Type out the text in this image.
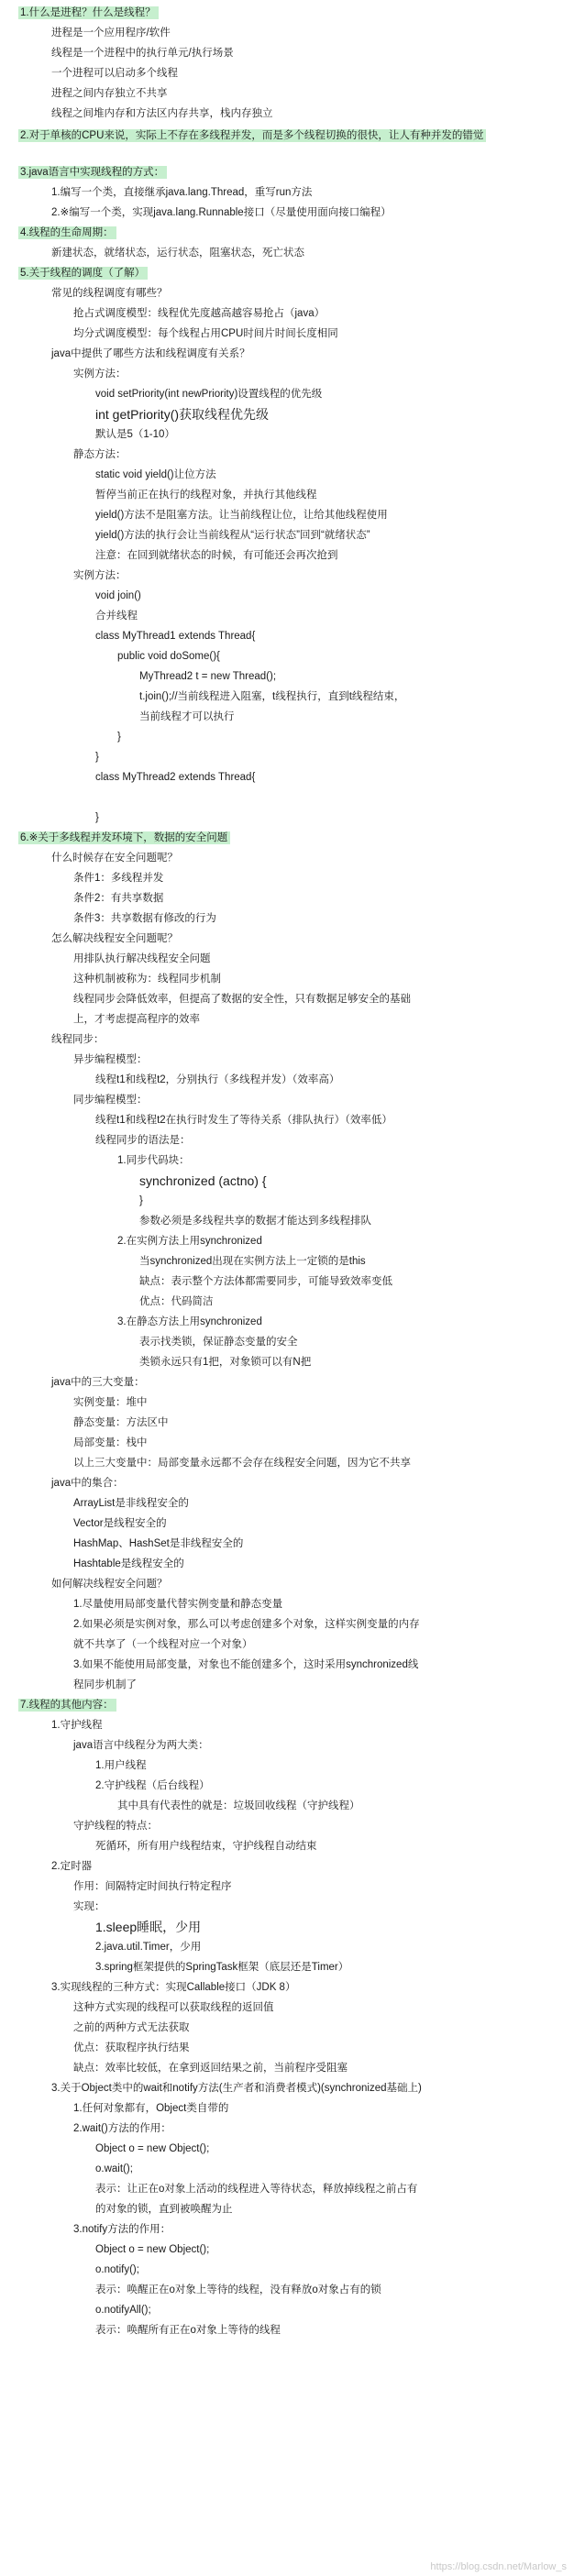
1.什么是进程？什么是线程？
进程是一个应用程序/软件
线程是一个进程中的执行单元/执行场景
一个进程可以启动多个线程
进程之间内存独立不共享
线程之间堆内存和方法区内存共享，栈内存独立
2.对于单核的CPU来说，实际上不存在多线程并发，而是多个线程切换的很快，让人有种并发的错觉
3.java语言中实现线程的方式：
1.编写一个类，直接继承java.lang.Thread，重写run方法
2.※编写一个类，实现java.lang.Runnable接口（尽量使用面向接口编程）
4.线程的生命周期：
新建状态，就绪状态，运行状态，阻塞状态，死亡状态
5.关于线程的调度（了解）
常见的线程调度有哪些？
抢占式调度模型：线程优先度越高越容易抢占（java）
均分式调度模型：每个线程占用CPU时间片时间长度相同
java中提供了哪些方法和线程调度有关系？
实例方法：
void setPriority(int newPriority)设置线程的优先级
int getPriority()获取线程优先级
默认是5（1-10）
静态方法：
static void yield()让位方法
暂停当前正在执行的线程对象，并执行其他线程
yield()方法不是阻塞方法。让当前线程让位，让给其他线程使用
yield()方法的执行会让当前线程从“运行状态”回到“就绪状态”
注意：在回到就绪状态的时候，有可能还会再次抢到
实例方法：
void join()
合并线程
class MyThread1 extends Thread{
public void doSome(){
MyThread2 t = new Thread();
t.join();//当前线程进入阻塞，t线程执行，直到t线程结束，
当前线程才可以执行
}
}
class MyThread2 extends Thread{
}
6.※关于多线程并发环境下，数据的安全问题
什么时候存在安全问题呢？
条件1：多线程并发
条件2：有共享数据
条件3：共享数据有修改的行为
怎么解决线程安全问题呢？
用排队执行解决线程安全问题
这种机制被称为：线程同步机制
线程同步会降低效率，但提高了数据的安全性，只有数据足够安全的基础
上，才考虑提高程序的效率
线程同步：
异步编程模型：
线程t1和线程t2，分别执行（多线程并发）（效率高）
同步编程模型：
线程t1和线程t2在执行时发生了等待关系（排队执行）（效率低）
线程同步的语法是：
1.同步代码块：
synchronized (actno) {
}
参数必须是多线程共享的数据才能达到多线程排队
2.在实例方法上用synchronized
当synchronized出现在实例方法上一定锁的是this
缺点：表示整个方法体都需要同步，可能导致效率变低
优点：代码简洁
3.在静态方法上用synchronized
表示找类锁，保证静态变量的安全
类锁永远只有1把，对象锁可以有N把
java中的三大变量：
实例变量：堆中
静态变量：方法区中
局部变量：栈中
以上三大变量中：局部变量永远都不会存在线程安全问题，因为它不共享
java中的集合：
ArrayList是非线程安全的
Vector是线程安全的
HashMap、HashSet是非线程安全的
Hashtable是线程安全的
如何解决线程安全问题？
1.尽量使用局部变量代替实例变量和静态变量
2.如果必须是实例对象，那么可以考虑创建多个对象，这样实例变量的内存
就不共享了（一个线程对应一个对象）
3.如果不能使用局部变量，对象也不能创建多个，这时采用synchronized线
程同步机制了
7.线程的其他内容：
1.守护线程
java语言中线程分为两大类：
1.用户线程
2.守护线程（后台线程）
其中具有代表性的就是：垃圾回收线程（守护线程）
守护线程的特点：
死循环，所有用户线程结束，守护线程自动结束
2.定时器
作用：间隔特定时间执行特定程序
实现：
1.sleep睡眠，少用
2.java.util.Timer，少用
3.spring框架提供的SpringTask框架（底层还是Timer）
3.实现线程的三种方式：实现Callable接口（JDK 8）
这种方式实现的线程可以获取线程的返回值
之前的两种方式无法获取
优点：获取程序执行结果
缺点：效率比较低，在拿到返回结果之前，当前程序受阻塞
3.关于Object类中的wait和notify方法(生产者和消费者模式)(synchronized基础上)
1.任何对象都有，Object类自带的
2.wait()方法的作用：
Object o = new Object();
o.wait();
表示：让正在o对象上活动的线程进入等待状态，释放掉线程之前占有
的对象的锁，直到被唤醒为止
3.notify方法的作用：
Object o = new Object();
o.notify();
表示：唤醒正在o对象上等待的线程，没有释放o对象占有的锁
o.notifyAll();
表示：唤醒所有正在o对象上等待的线程
https://blog.csdn.net/Marlow_s
